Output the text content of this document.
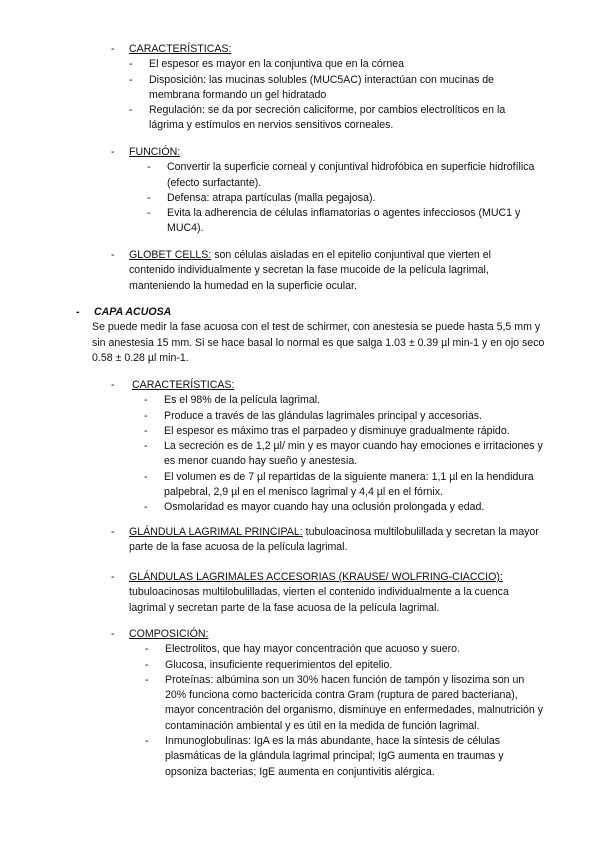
- CARACTERÍSTICAS:
- El espesor es mayor en la conjuntiva que en la córnea
- Disposición: las mucinas solubles (MUC5AC) interactúan con mucinas de membrana formando un gel hidratado
- Regulación: se da por secreción caliciforme, por cambios electrolíticos en la lágrima y estímulos en nervios sensitivos corneales.
- FUNCIÓN:
- Convertir la superficie corneal y conjuntival hidrofóbica en superficie hidrofílica (efecto surfactante).
- Defensa: atrapa partículas (malla pegajosa).
- Evita la adherencia de células inflamatorias o agentes infecciosos (MUC1 y MUC4).
- GLOBET CELLS: son células aisladas en el epitelio conjuntival que vierten el contenido individualmente y secretan la fase mucoide de la película lagrimal, manteniendo la humedad en la superficie ocular.

- CAPA ACUOSA

Se puede medir la fase acuosa con el test de schirmer, con anestesia se puede hasta 5,5 mm y sin anestesia 15 mm. Si se hace basal lo normal es que salga 1.03 ± 0.39 µl min-1 y en ojo seco 0.58 ± 0.28 µl min-1.

- CARACTERÍSTICAS:
- Es el 98% de la película lagrimal.
- Produce a través de las glándulas lagrimales principal y accesorias.
- El espesor es máximo tras el parpadeo y disminuye gradualmente rápido.
- La secreción es de 1,2 µl/ min y es mayor cuando hay emociones e irritaciones y es menor cuando hay sueño y anestesia.
- El volumen es de 7 µl repartidas de la siguiente manera: 1,1 µl en la hendidura palpebral, 2,9 µl en el menisco lagrimal y 4,4 µl en el fórnix.
- Osmolaridad es mayor cuando hay una oclusión prolongada y edad.
- GLÁNDULA LAGRIMAL PRINCIPAL: tubuloacinosa multilobulillada y secretan la mayor parte de la fase acuosa de la película lagrimal.

- GLÁNDULAS LAGRIMALES ACCESORIAS (KRAUSE/ WOLFRING-CIACCIO):

tubuloacinosas multilobulilladas, vierten el contenido individualmente a la cuenca lagrimal y secretan parte de la fase acuosa de la película lagrimal.

- COMPOSICIÓN:
- Electrolitos, que hay mayor concentración que acuoso y suero.
- Glucosa, insuficiente requerimientos del epitelio.
- Proteínas: albúmina son un 30% hacen función de tampón y lisozima son un 20% funciona como bactericida contra Gram (ruptura de pared bacteriana), mayor concentración del organismo, disminuye en enfermedades, malnutrición y contaminación ambiental y es útil en la medida de función lagrimal.
- Inmunoglobulinas: IgA es la más abundante, hace la síntesis de células plasmáticas de la glándula lagrimal principal; IgG aumenta en traumas y opsoniza bacterias; IgE aumenta en conjuntivitis alérgica.
